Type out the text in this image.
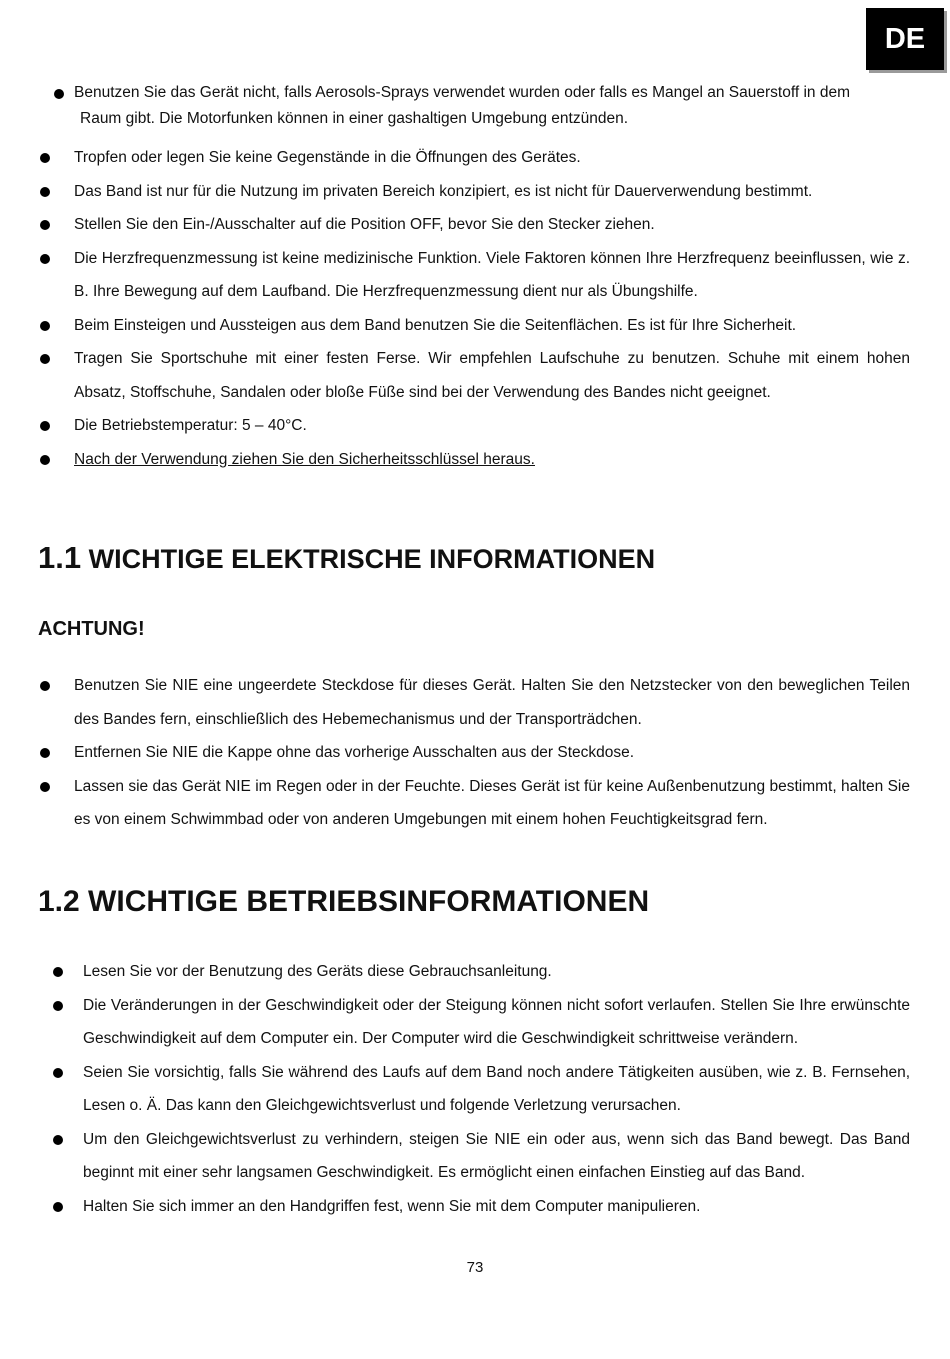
DE
Benutzen Sie das Gerät nicht, falls Aerosols-Sprays verwendet wurden oder falls es Mangel an Sauerstoff in dem
Raum gibt. Die Motorfunken können in einer gashaltigen Umgebung entzünden.
Tropfen oder legen Sie keine Gegenstände in die Öffnungen des Gerätes.
Das Band ist nur für die Nutzung im privaten Bereich konzipiert, es ist nicht für Dauerverwendung bestimmt.
Stellen Sie den Ein-/Ausschalter auf die Position OFF, bevor Sie den Stecker ziehen.
Die Herzfrequenzmessung ist keine medizinische Funktion. Viele Faktoren können Ihre Herzfrequenz beeinflussen, wie z. B. Ihre Bewegung auf dem Laufband. Die Herzfrequenzmessung dient nur als Übungshilfe.
Beim Einsteigen und Aussteigen aus dem Band benutzen Sie die Seitenflächen. Es ist für Ihre Sicherheit.
Tragen Sie Sportschuhe mit einer festen Ferse. Wir empfehlen Laufschuhe zu benutzen. Schuhe mit einem hohen Absatz, Stoffschuhe, Sandalen oder bloße Füße sind bei der Verwendung des Bandes nicht geeignet.
Die Betriebstemperatur: 5 – 40°C.
Nach der Verwendung ziehen Sie den Sicherheitsschlüssel heraus.
1.1 WICHTIGE ELEKTRISCHE INFORMATIONEN
ACHTUNG!
Benutzen Sie NIE eine ungeerdete Steckdose für dieses Gerät. Halten Sie den Netzstecker von den beweglichen Teilen des Bandes fern, einschließlich des Hebemechanismus und der Transporträdchen.
Entfernen Sie NIE die Kappe ohne das vorherige Ausschalten aus der Steckdose.
Lassen sie das Gerät NIE im Regen oder in der Feuchte. Dieses Gerät ist für keine Außenbenutzung bestimmt, halten Sie es von einem Schwimmbad oder von anderen Umgebungen mit einem hohen Feuchtigkeitsgrad fern.
1.2 WICHTIGE BETRIEBSINFORMATIONEN
Lesen Sie vor der Benutzung des Geräts diese Gebrauchsanleitung.
Die Veränderungen in der Geschwindigkeit oder der Steigung können nicht sofort verlaufen. Stellen Sie Ihre erwünschte Geschwindigkeit auf dem Computer ein. Der Computer wird die Geschwindigkeit schrittweise verändern.
Seien Sie vorsichtig, falls Sie während des Laufs auf dem Band noch andere Tätigkeiten ausüben, wie z. B. Fernsehen, Lesen o. Ä. Das kann den Gleichgewichtsverlust und folgende Verletzung verursachen.
Um den Gleichgewichtsverlust zu verhindern, steigen Sie NIE ein oder aus, wenn sich das Band bewegt. Das Band beginnt mit einer sehr langsamen Geschwindigkeit. Es ermöglicht einen einfachen Einstieg auf das Band.
Halten Sie sich immer an den Handgriffen fest, wenn Sie mit dem Computer manipulieren.
73
